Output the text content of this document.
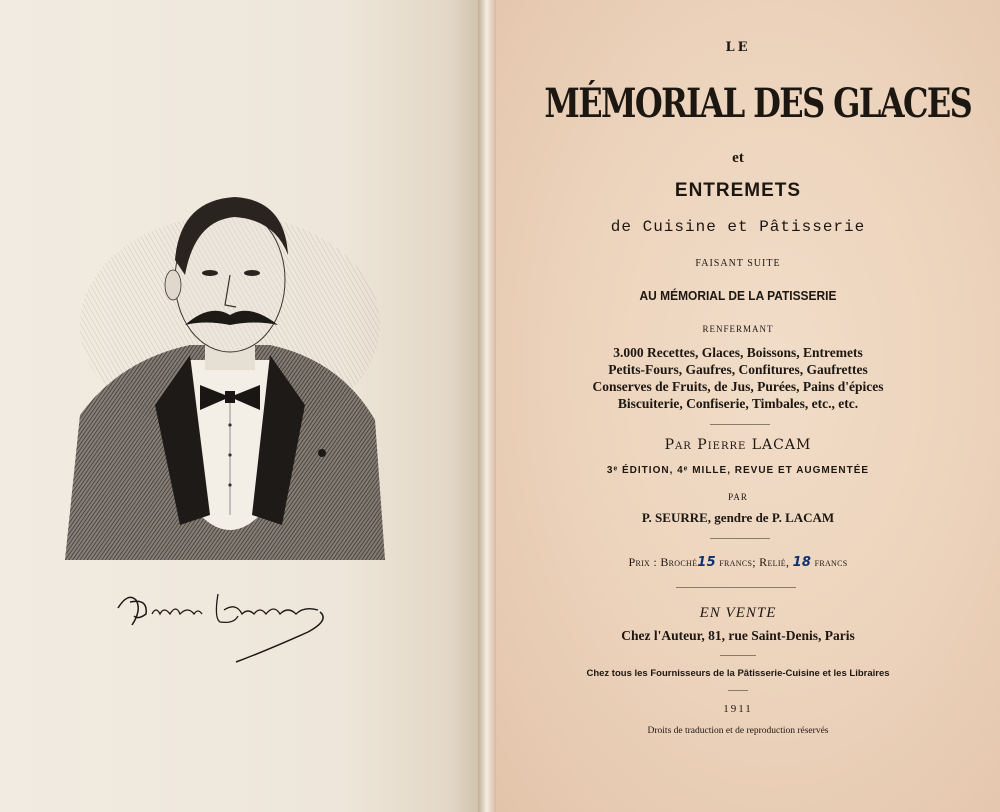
LE
MÉMORIAL DES GLACES
et
ENTREMETS
de Cuisine et Pâtisserie
FAISANT SUITE
AU MÉMORIAL DE LA PATISSERIE
RENFERMANT
3.000 Recettes, Glaces, Boissons, Entremets
Petits-Fours, Gaufres, Confitures, Gaufrettes
Conserves de Fruits, de Jus, Purées, Pains d'épices
Biscuiterie, Confiserie, Timbales, etc., etc.
Par Pierre LACAM
3ᵉ ÉDITION, 4ᵉ MILLE, REVUE ET AUGMENTÉE
PAR
P. SEURRE, gendre de P. LACAM
Prix : Broché15 francs; Relié, 18 francs
EN VENTE
Chez l'Auteur, 81, rue Saint-Denis, Paris
Chez tous les Fournisseurs de la Pâtisserie-Cuisine et les Libraires
1911
Droits de traduction et de reproduction réservés
